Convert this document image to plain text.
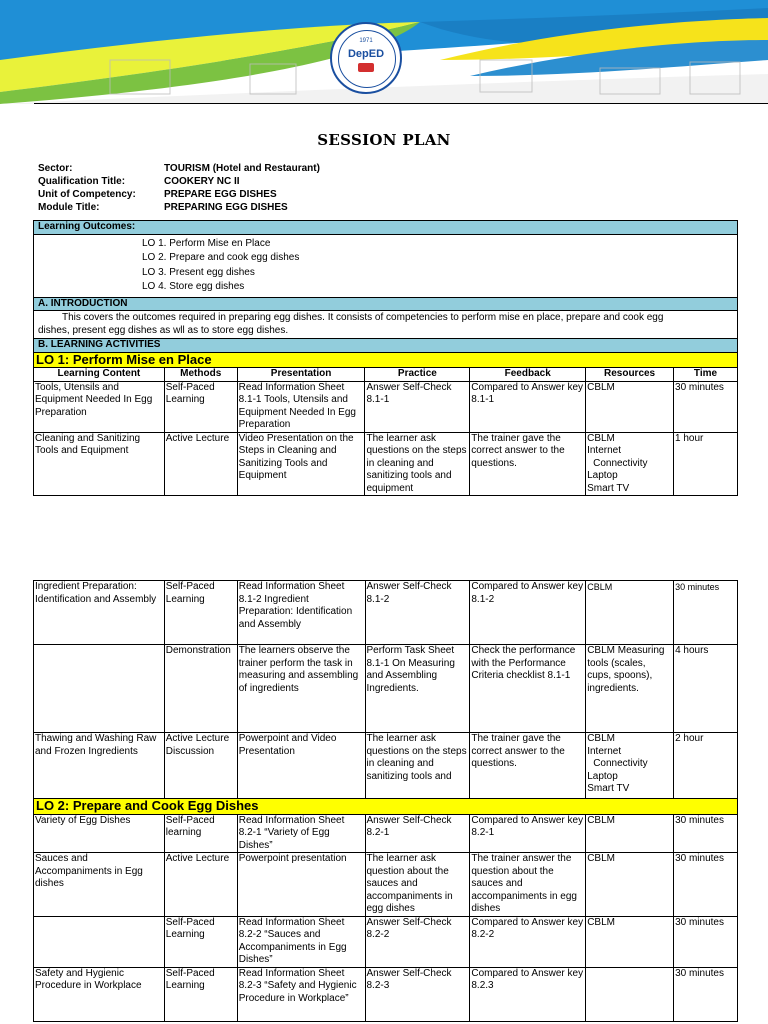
1971
DepED
SESSION PLAN
Sector:	TOURISM (Hotel and Restaurant)
Qualification Title:	COOKERY NC II
Unit of Competency:	PREPARE EGG DISHES
Module Title:	PREPARING EGG DISHES
Learning Outcomes:						

LO 1. Perform Mise en Place
LO 2. Prepare and cook egg dishes
LO 3. Present egg dishes
LO 4. Store egg dishes						

A. INTRODUCTION						

This covers the outcomes required in preparing egg dishes. It consists of competencies to perform mise en place, prepare and cook egg
dishes, present egg dishes as wll as to store egg dishes.						

B. LEARNING ACTIVITIES						
LO 1: Perform Mise en Place						
Learning Content	Methods	Presentation	Practice	Feedback	Resources	Time
Tools, Utensils and Equipment Needed In Egg Preparation	Self-Paced Learning	Read Information Sheet 8.1-1 Tools, Utensils and Equipment Needed In Egg Preparation	Answer Self-Check 8.1-1	Compared to Answer key 8.1-1	CBLM	30 minutes
Cleaning and Sanitizing Tools and Equipment	Active Lecture	Video Presentation on the Steps in Cleaning and Sanitizing Tools and Equipment	The learner ask questions on the steps in cleaning and sanitizing tools and equipment	The trainer gave the correct answer to the questions.	CBLM
Internet
Connectivity
Laptop
Smart TV	1 hour
Ingredient Preparation: Identification and Assembly	Self-Paced Learning	Read Information Sheet 8.1-2 Ingredient Preparation: Identification and Assembly	Answer Self-Check 8.1-2	Compared to Answer key 8.1-2	CBLM	30 minutes
	Demonstration	The learners observe the trainer perform the task in measuring and assembling of ingredients	Perform Task Sheet 8.1-1 On Measuring and Assembling Ingredients.	Check the performance with the Performance Criteria checklist 8.1-1	CBLM Measuring tools (scales, cups, spoons), ingredients.	4 hours
Thawing and Washing Raw and Frozen Ingredients	Active Lecture Discussion	Powerpoint and Video Presentation	The learner ask questions on the steps in cleaning and sanitizing tools and	The trainer gave the correct answer to the questions.	CBLM
Internet
Connectivity
Laptop
Smart TV	2 hour
LO 2: Prepare and Cook Egg Dishes						
Variety of Egg Dishes	Self-Paced learning	Read Information Sheet 8.2-1 “Variety of Egg Dishes”	Answer Self-Check 8.2-1	Compared to Answer key 8.2-1	CBLM	30 minutes
Sauces and Accompaniments in Egg dishes	Active Lecture	Powerpoint presentation	The learner ask question about the sauces and accompaniments in egg dishes	The trainer answer the question about the sauces and accompaniments in egg dishes	CBLM	30 minutes
	Self-Paced Learning	Read Information Sheet 8.2-2 “Sauces and Accompaniments in Egg Dishes”	Answer Self-Check 8.2-2	Compared to Answer key 8.2-2	CBLM	30 minutes
Safety and Hygienic Procedure in Workplace	Self-Paced Learning	Read Information Sheet 8.2-3 “Safety and Hygienic Procedure in Workplace”	Answer Self-Check 8.2-3	Compared to Answer key 8.2.3		30 minutes
